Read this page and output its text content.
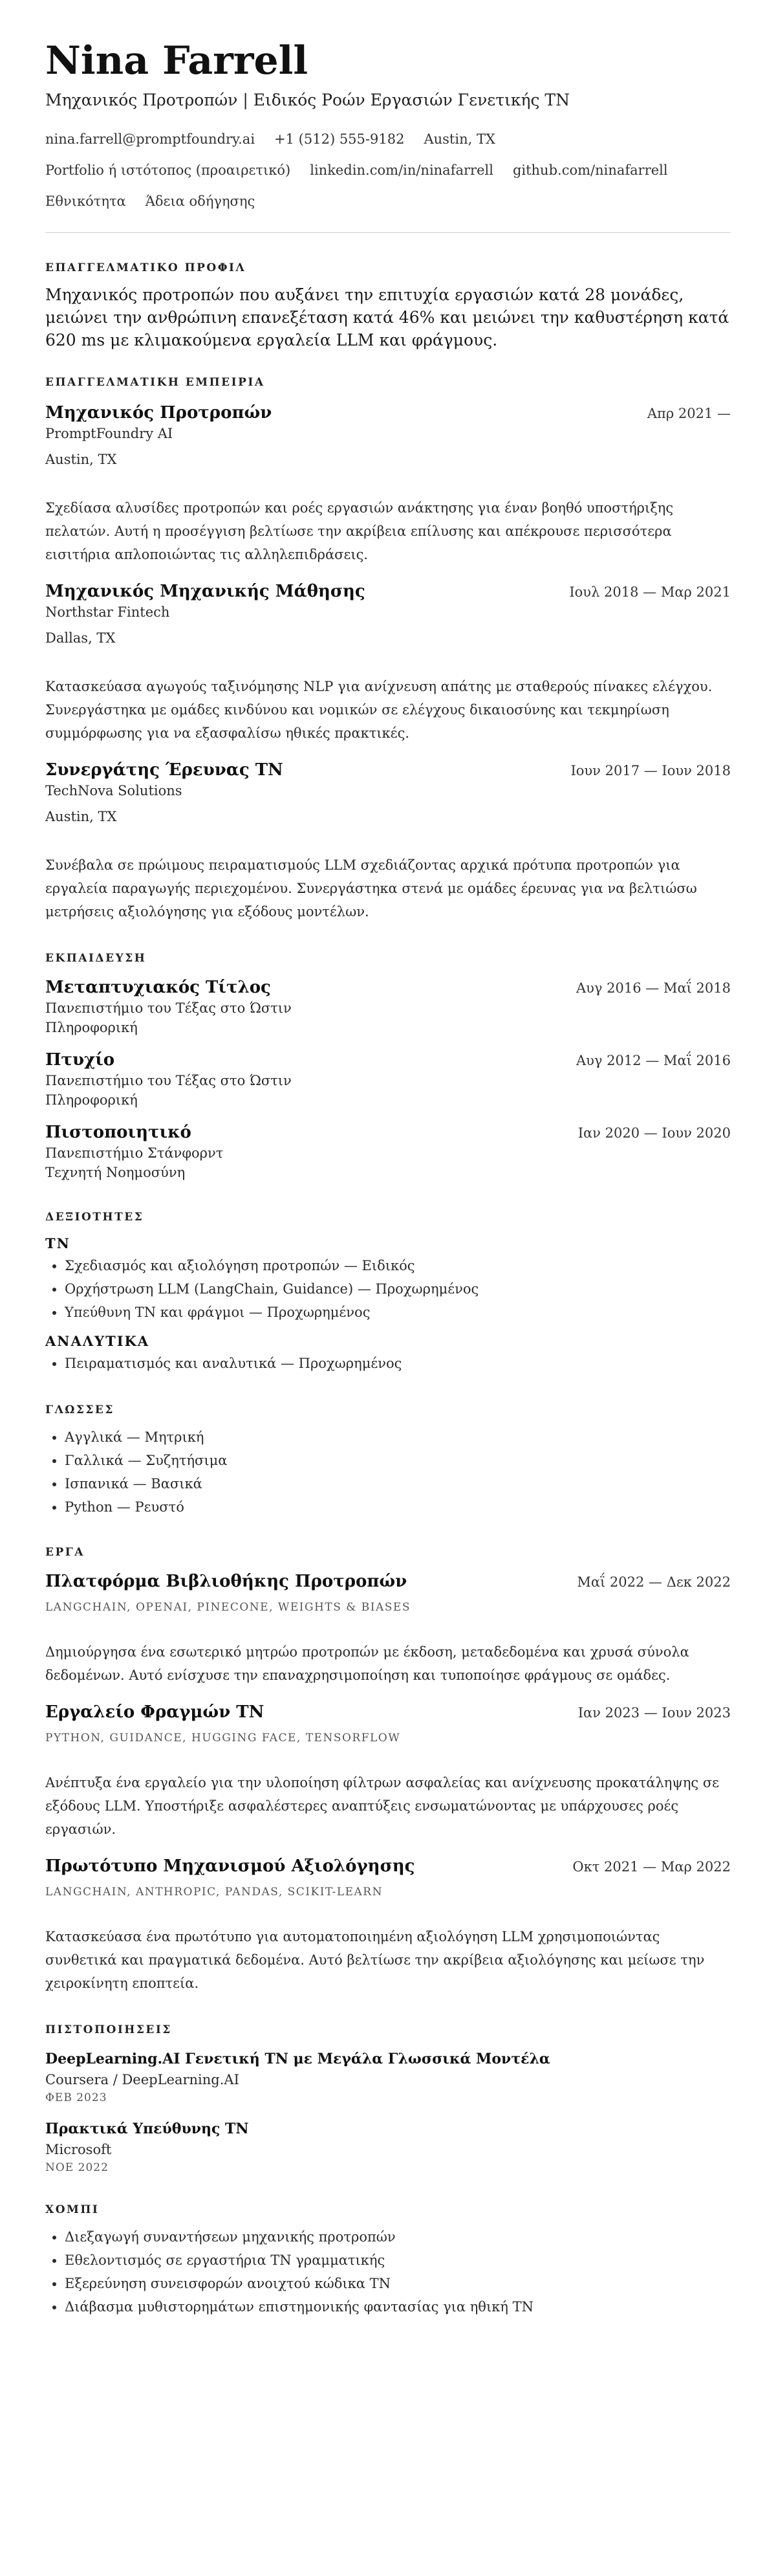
Nina Farrell
Μηχανικός Προτροπών | Ειδικός Ροών Εργασιών Γενετικής ΤΝ
nina.farrell@promptfoundry.ai +1 (512) 555-9182 Austin, TX
Portfolio ή ιστότοπος (προαιρετικό) linkedin.com/in/ninafarrell github.com/ninafarrell
Εθνικότητα Άδεια οδήγησης
ΕΠΑΓΓΕΛΜΑΤΙΚΟ ΠΡΟΦΙΛ
Μηχανικός προτροπών που αυξάνει την επιτυχία εργασιών κατά 28 μονάδες, μειώνει την ανθρώπινη επανεξέταση κατά 46% και μειώνει την καθυστέρηση κατά 620 ms με κλιμακούμενα εργαλεία LLM και φράγμους.
ΕΠΑΓΓΕΛΜΑΤΙΚΗ ΕΜΠΕΙΡΙΑ
Μηχανικός Προτροπών	Απρ 2021 —
PromptFoundry AI
Austin, TX
Σχεδίασα αλυσίδες προτροπών και ροές εργασιών ανάκτησης για έναν βοηθό υποστήριξης πελατών. Αυτή η προσέγγιση βελτίωσε την ακρίβεια επίλυσης και απέκρουσε περισσότερα εισιτήρια απλοποιώντας τις αλληλεπιδράσεις.
Μηχανικός Μηχανικής Μάθησης	Ιουλ 2018 — Μαρ 2021
Northstar Fintech
Dallas, TX
Κατασκεύασα αγωγούς ταξινόμησης NLP για ανίχνευση απάτης με σταθερούς πίνακες ελέγχου. Συνεργάστηκα με ομάδες κινδύνου και νομικών σε ελέγχους δικαιοσύνης και τεκμηρίωση συμμόρφωσης για να εξασφαλίσω ηθικές πρακτικές.
Συνεργάτης Έρευνας ΤΝ	Ιουν 2017 — Ιουν 2018
TechNova Solutions
Austin, TX
Συνέβαλα σε πρώιμους πειραματισμούς LLM σχεδιάζοντας αρχικά πρότυπα προτροπών για εργαλεία παραγωγής περιεχομένου. Συνεργάστηκα στενά με ομάδες έρευνας για να βελτιώσω μετρήσεις αξιολόγησης για εξόδους μοντέλων.
ΕΚΠΑΙΔΕΥΣΗ
Μεταπτυχιακός Τίτλος	Αυγ 2016 — Μαΐ 2018
Πανεπιστήμιο του Τέξας στο Ώστιν
Πληροφορική
Πτυχίο	Αυγ 2012 — Μαΐ 2016
Πανεπιστήμιο του Τέξας στο Ώστιν
Πληροφορική
Πιστοποιητικό	Ιαν 2020 — Ιουν 2020
Πανεπιστήμιο Στάνφορντ
Τεχνητή Νοημοσύνη
ΔΕΞΙΟΤΗΤΕΣ
ΤΝ
• Σχεδιασμός και αξιολόγηση προτροπών — Ειδικός
• Ορχήστρωση LLM (LangChain, Guidance) — Προχωρημένος
• Υπεύθυνη ΤΝ και φράγμοι — Προχωρημένος
ΑΝΑΛΥΤΙΚΑ
• Πειραματισμός και αναλυτικά — Προχωρημένος
ΓΛΩΣΣΕΣ
• Αγγλικά — Μητρική
• Γαλλικά — Συζητήσιμα
• Ισπανικά — Βασικά
• Python — Ρευστό
ΕΡΓΑ
Πλατφόρμα Βιβλιοθήκης Προτροπών	Μαΐ 2022 — Δεκ 2022
LANGCHAIN, OPENAI, PINECONE, WEIGHTS & BIASES
Δημιούργησα ένα εσωτερικό μητρώο προτροπών με έκδοση, μεταδεδομένα και χρυσά σύνολα δεδομένων. Αυτό ενίσχυσε την επαναχρησιμοποίηση και τυποποίησε φράγμους σε ομάδες.
Εργαλείο Φραγμών ΤΝ	Ιαν 2023 — Ιουν 2023
PYTHON, GUIDANCE, HUGGING FACE, TENSORFLOW
Ανέπτυξα ένα εργαλείο για την υλοποίηση φίλτρων ασφαλείας και ανίχνευσης προκατάληψης σε εξόδους LLM. Υποστήριξε ασφαλέστερες αναπτύξεις ενσωματώνοντας με υπάρχουσες ροές εργασιών.
Πρωτότυπο Μηχανισμού Αξιολόγησης	Οκτ 2021 — Μαρ 2022
LANGCHAIN, ANTHROPIC, PANDAS, SCIKIT-LEARN
Κατασκεύασα ένα πρωτότυπο για αυτοματοποιημένη αξιολόγηση LLM χρησιμοποιώντας συνθετικά και πραγματικά δεδομένα. Αυτό βελτίωσε την ακρίβεια αξιολόγησης και μείωσε την χειροκίνητη εποπτεία.
ΠΙΣΤΟΠΟΙΗΣΕΙΣ
DeepLearning.AI Γενετική ΤΝ με Μεγάλα Γλωσσικά Μοντέλα
Coursera / DeepLearning.AI
ΦΕΒ 2023
Πρακτικά Υπεύθυνης ΤΝ
Microsoft
ΝΟΕ 2022
ΧΟΜΠΙ
• Διεξαγωγή συναντήσεων μηχανικής προτροπών
• Εθελοντισμός σε εργαστήρια ΤΝ γραμματικής
• Εξερεύνηση συνεισφορών ανοιχτού κώδικα ΤΝ
• Διάβασμα μυθιστορημάτων επιστημονικής φαντασίας για ηθική ΤΝ
